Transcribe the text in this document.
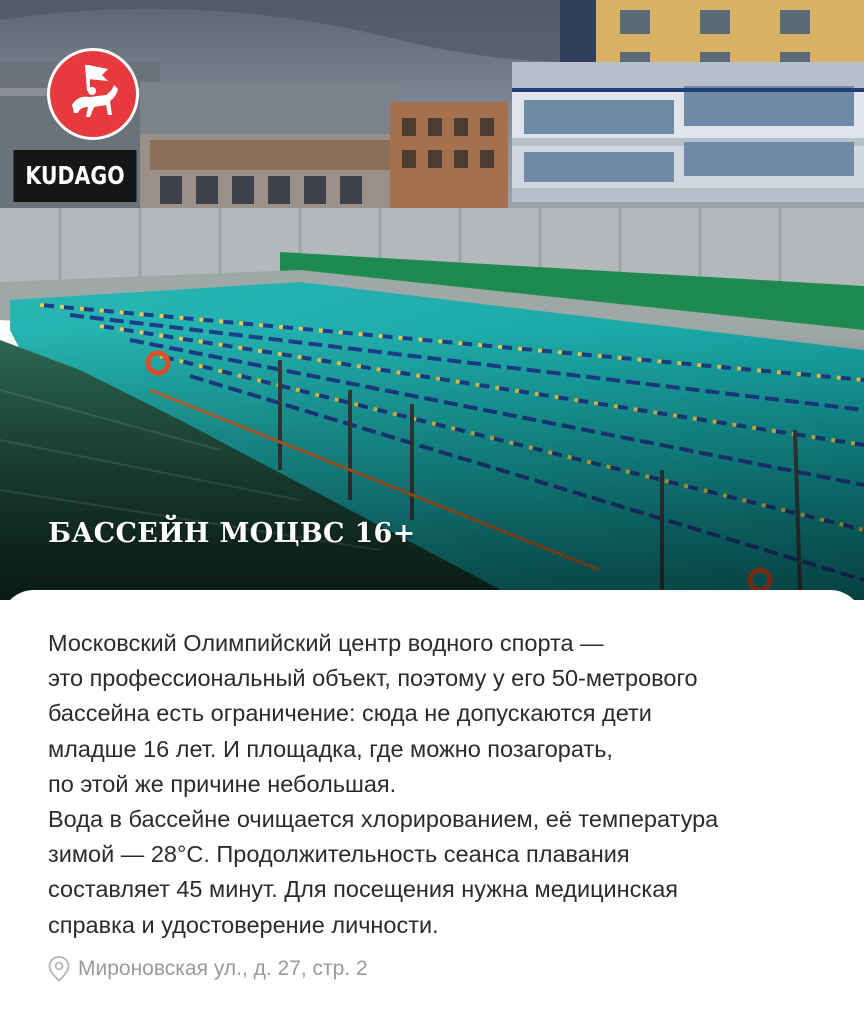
KUDAGO
БАССЕЙН МОЦВС 16+

Московский Олимпийский центр водного спорта —

это профессиональный объект, поэтому у его 50-метрового

бассейна есть ограничение: сюда не допускаются дети

младше 16 лет. И площадка, где можно позагорать,

по этой же причине небольшая.

Вода в бассейне очищается хлорированием, её температура

зимой — 28°C. Продолжительность сеанса плавания

составляет 45 минут. Для посещения нужна медицинская

справка и удостоверение личности.

Мироновская ул., д. 27, стр. 2
